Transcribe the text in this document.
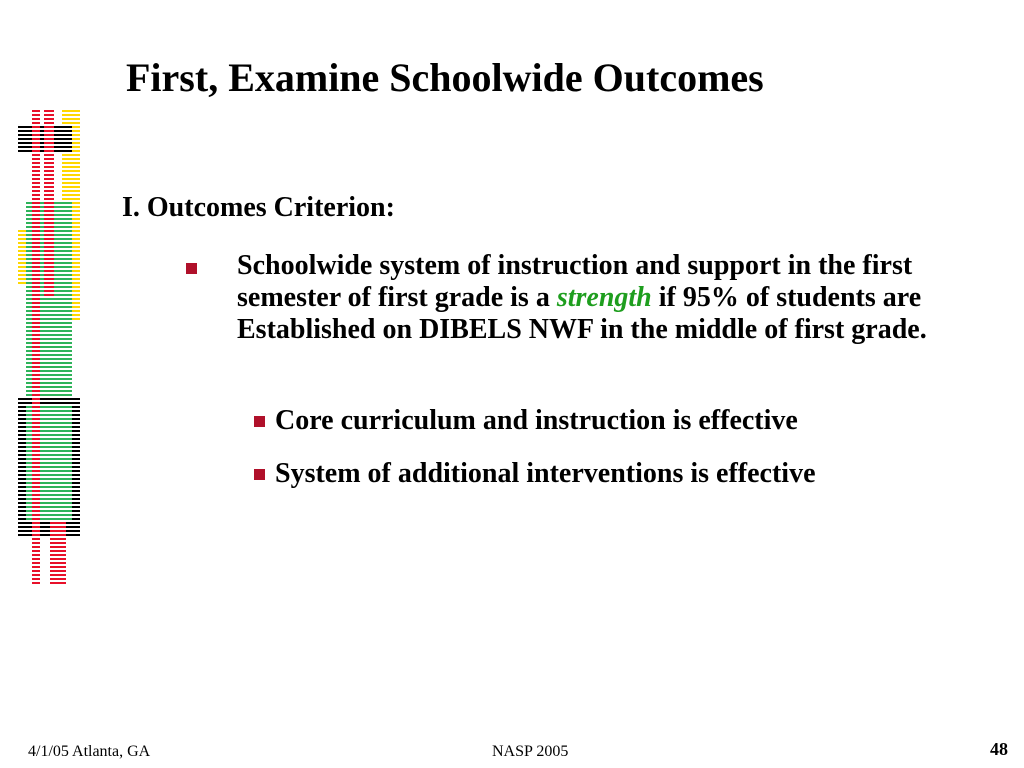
First, Examine Schoolwide Outcomes
I. Outcomes Criterion:
Schoolwide system of instruction and support in the first semester of first grade is a strength if 95% of students are Established on DIBELS NWF in the middle of first grade.
Core curriculum and instruction is effective
System of additional interventions is effective
4/1/05 Atlanta, GA	NASP 2005	48
